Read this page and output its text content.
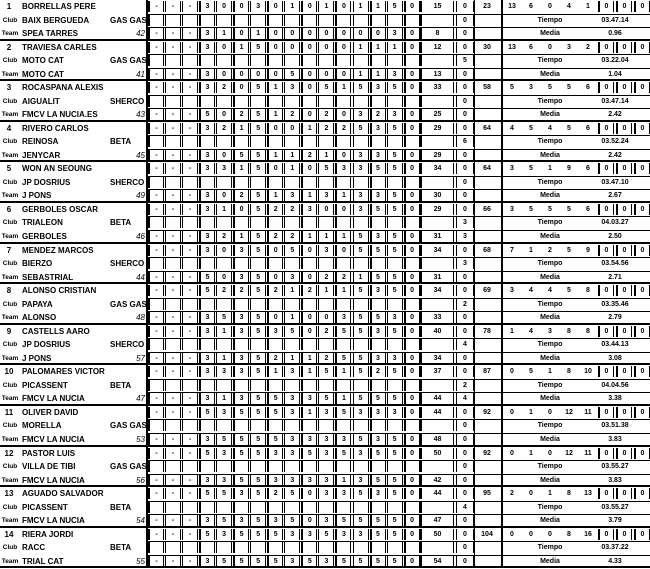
1	BORRELLAS PERE	-	-	-	3	0	0	3	0	1	0	1	0	1	1	5	0	15	0	23	13	6	0	4	1	0	0	0
Club BAIX BERGUEDA	GAS GAS	0	Tiempo	03.47.14
Team SPEA TARRES	42	-	-	-	3	1	0	1	0	0	0	0	0	0	0	3	0	8	0	Media	0.96
2	TRAVIESA CARLES	-	-	-	3	0	1	5	0	0	0	0	0	1	1	1	0	12	0	30	13	6	0	3	2	0	0	0
Club MOTO CAT	GAS GAS	5	Tiempo	03.22.04
Team MOTO CAT	41	-	-	-	3	0	0	0	0	5	0	0	0	1	1	3	0	13	0	Media	1.04
3	ROCASPANA ALEXIS	-	-	-	3	2	0	5	1	3	0	5	1	5	3	5	0	33	0	58	5	3	5	5	6	0	0	0
Club AIGUALIT	SHERCO	0	Tiempo	03.47.14
Team FMCV LA NUCIA.ES	43	-	-	-	5	0	2	5	1	2	0	2	0	3	2	3	0	25	0	Media	2.42
4	RIVERO CARLOS	-	-	-	3	2	1	5	0	0	1	2	2	5	3	5	0	29	0	64	4	5	4	5	6	0	0	0
Club REINOSA	BETA	6	Tiempo	03.52.24
Team JENYCAR	45	-	-	-	3	0	5	5	1	1	2	1	0	3	3	5	0	29	0	Media	2.42
5	WON AN SEOUNG	-	-	-	3	3	1	5	0	1	0	5	3	3	5	5	0	34	0	64	3	5	1	9	6	0	0	0
Club JP DOSRIUS	SHERCO	0	Tiempo	03.47.10
Team J PONS	49	-	-	-	3	0	2	5	1	3	1	3	1	3	3	5	0	30	0	Media	2.67
6	GERBOLES OSCAR	-	-	-	3	1	0	5	2	2	3	0	0	3	5	5	0	29	0	66	3	5	5	5	6	0	0	0
Club TRIALEON	BETA	3	Tiempo	04.03.27
Team GERBOLES	46	-	-	-	3	2	1	5	2	2	1	1	1	5	3	5	0	31	3	Media	2.50
7	MENDEZ MARCOS	-	-	-	3	0	3	5	0	5	0	3	0	5	5	5	0	34	0	68	7	1	2	5	9	0	0	0
Club BIERZO	SHERCO	3	Tiempo	03.54.56
Team SEBASTRIAL	44	-	-	-	5	0	3	5	0	3	0	2	2	1	5	5	0	31	0	Media	2.71
8	ALONSO CRISTIAN	-	-	-	5	2	2	5	2	1	2	1	1	5	3	5	0	34	0	69	3	4	4	5	8	0	0	0
Club PAPAYA	GAS GAS	2	Tiempo	03.35.46
Team ALONSO	48	-	-	-	3	5	3	5	0	1	0	0	3	5	5	3	0	33	0	Media	2.79
9	CASTELLS AARO	-	-	-	3	1	3	5	3	5	0	2	5	5	3	5	0	40	0	78	1	4	3	8	8	0	0	0
Club JP DOSRIUS	SHERCO	4	Tiempo	03.44.13
Team J PONS	57	-	-	-	3	1	3	5	2	1	1	2	5	5	3	3	0	34	0	Media	3.08
10	PALOMARES VICTOR	-	-	-	3	3	3	5	1	3	1	5	1	5	2	5	0	37	0	87	0	5	1	8	10	0	0	0
Club PICASSENT	BETA	2	Tiempo	04.04.56
Team FMCV LA NUCIA	47	-	-	-	3	1	3	5	5	3	3	5	1	5	5	5	0	44	4	Media	3.38
11	OLIVER DAVID	-	-	-	5	3	5	5	5	3	1	3	5	3	3	3	0	44	0	92	0	1	0	12	11	0	0	0
Club MORELLA	GAS GAS	0	Tiempo	03.51.38
Team FMCV LA NUCIA	53	-	-	-	3	5	5	5	5	3	3	3	3	5	3	5	0	48	0	Media	3.83
12	PASTOR LUIS	-	-	-	5	3	5	5	3	3	5	3	5	3	5	5	0	50	0	92	0	1	0	12	11	0	0	0
Club VILLA DE TIBI	GAS GAS	0	Tiempo	03.55.27
Team FMCV LA NUCIA	56	-	-	-	3	3	5	5	3	3	3	3	1	3	5	5	0	42	0	Media	3.83
13	AGUADO SALVADOR	-	-	-	5	5	3	5	2	5	0	3	3	5	3	5	0	44	0	95	2	0	1	8	13	0	0	0
Club PICASSENT	BETA	4	Tiempo	03.55.27
Team FMCV LA NUCIA	54	-	-	-	3	5	3	5	3	5	0	3	5	5	5	5	0	47	0	Media	3.79
14	RIERA JORDI	-	-	-	5	3	5	5	5	3	3	5	3	3	5	5	0	50	0	104	0	0	0	8	16	0	0	0
Club RACC	BETA	0	Tiempo	03.37.22
Team TRIAL CAT	55	-	-	-	3	5	5	5	5	3	5	3	5	5	5	5	0	54	0	Media	4.33
